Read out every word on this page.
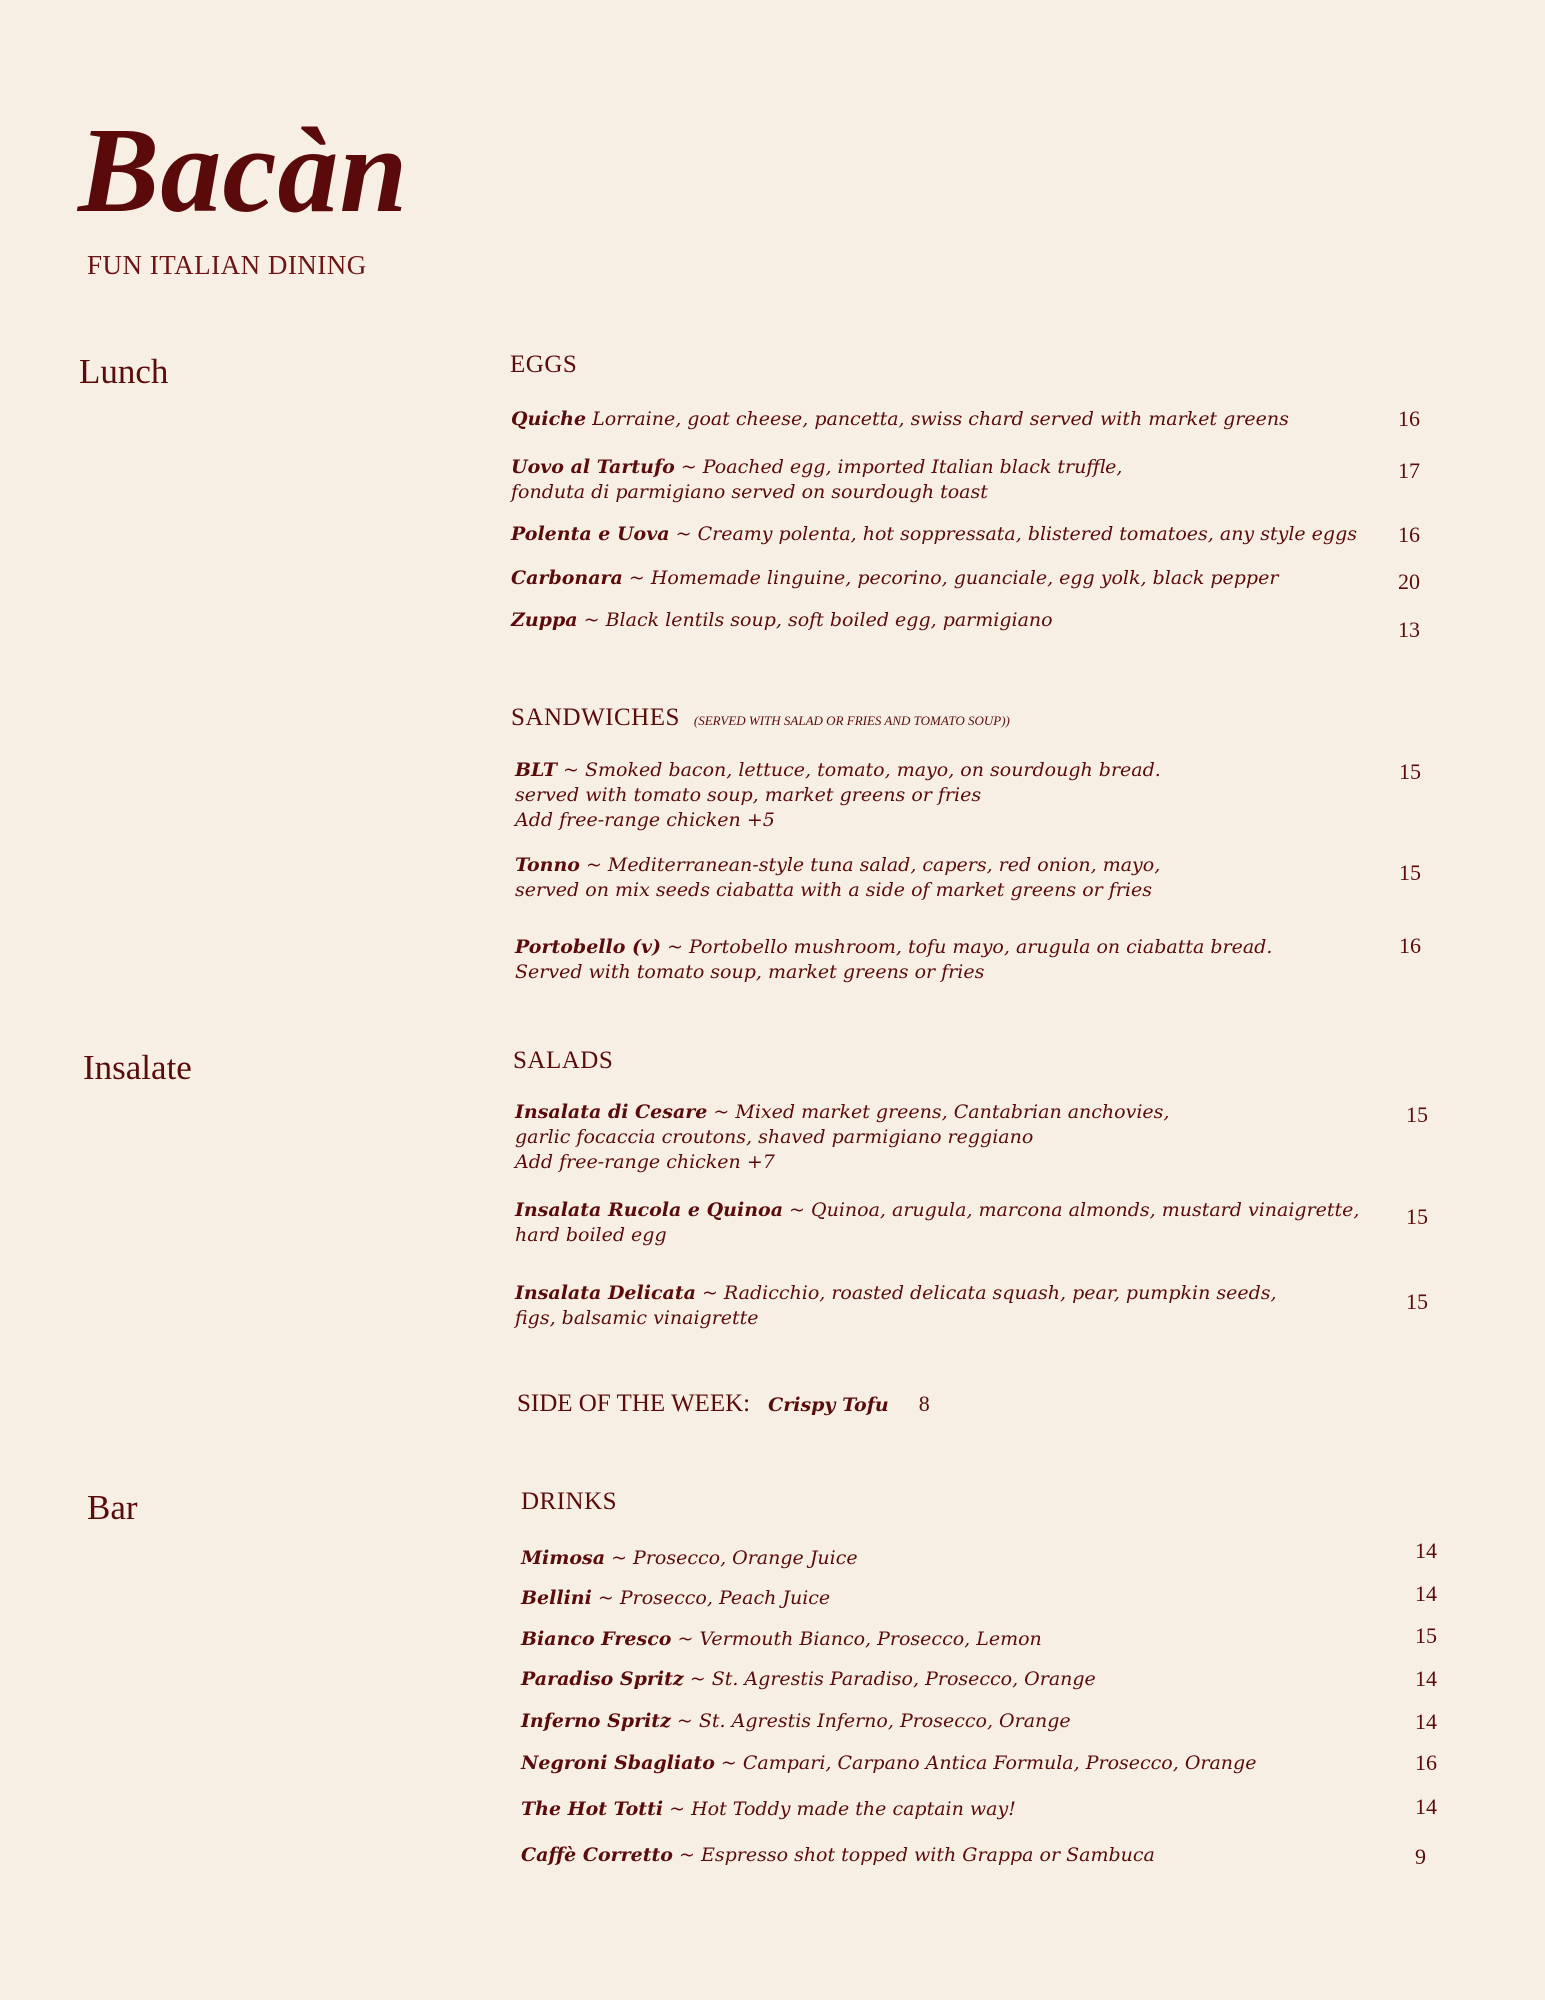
Bacàn
FUN ITALIAN DINING
Lunch
Insalate
Bar
EGGS
SANDWICHES (SERVED WITH SALAD OR FRIES AND TOMATO SOUP))
SALADS
DRINKS
SIDE OF THE WEEK: Crispy Tofu 8
Quiche Lorraine, goat cheese, pancetta, swiss chard served with market greens	16
Uovo al Tartufo ~ Poached egg, imported Italian black truffle,
fonduta di parmigiano served on sourdough toast
17
Polenta e Uova ~ Creamy polenta, hot soppressata, blistered tomatoes, any style eggs	16
Carbonara ~ Homemade linguine, pecorino, guanciale, egg yolk, black pepper	20
Zuppa ~ Black lentils soup, soft boiled egg, parmigiano	13
BLT ~ Smoked bacon, lettuce, tomato, mayo, on sourdough bread.
served with tomato soup, market greens or fries
Add free-range chicken +5
15
Tonno ~ Mediterranean-style tuna salad, capers, red onion, mayo,
served on mix seeds ciabatta with a side of market greens or fries
15
Portobello (v) ~ Portobello mushroom, tofu mayo, arugula on ciabatta bread.
Served with tomato soup, market greens or fries
16
Insalata di Cesare ~ Mixed market greens, Cantabrian anchovies,
garlic focaccia croutons, shaved parmigiano reggiano
Add free-range chicken +7
15
Insalata Rucola e Quinoa ~ Quinoa, arugula, marcona almonds, mustard vinaigrette,
hard boiled egg
15
Insalata Delicata ~ Radicchio, roasted delicata squash, pear, pumpkin seeds,
figs, balsamic vinaigrette
15
Mimosa ~ Prosecco, Orange Juice	14
Bellini ~ Prosecco, Peach Juice	14
Bianco Fresco ~ Vermouth Bianco, Prosecco, Lemon	15
Paradiso Spritz ~ St. Agrestis Paradiso, Prosecco, Orange	14
Inferno Spritz ~ St. Agrestis Inferno, Prosecco, Orange	14
Negroni Sbagliato ~ Campari, Carpano Antica Formula, Prosecco, Orange	16
The Hot Totti ~ Hot Toddy made the captain way!	14
Caffè Corretto ~ Espresso shot topped with Grappa or Sambuca	9
